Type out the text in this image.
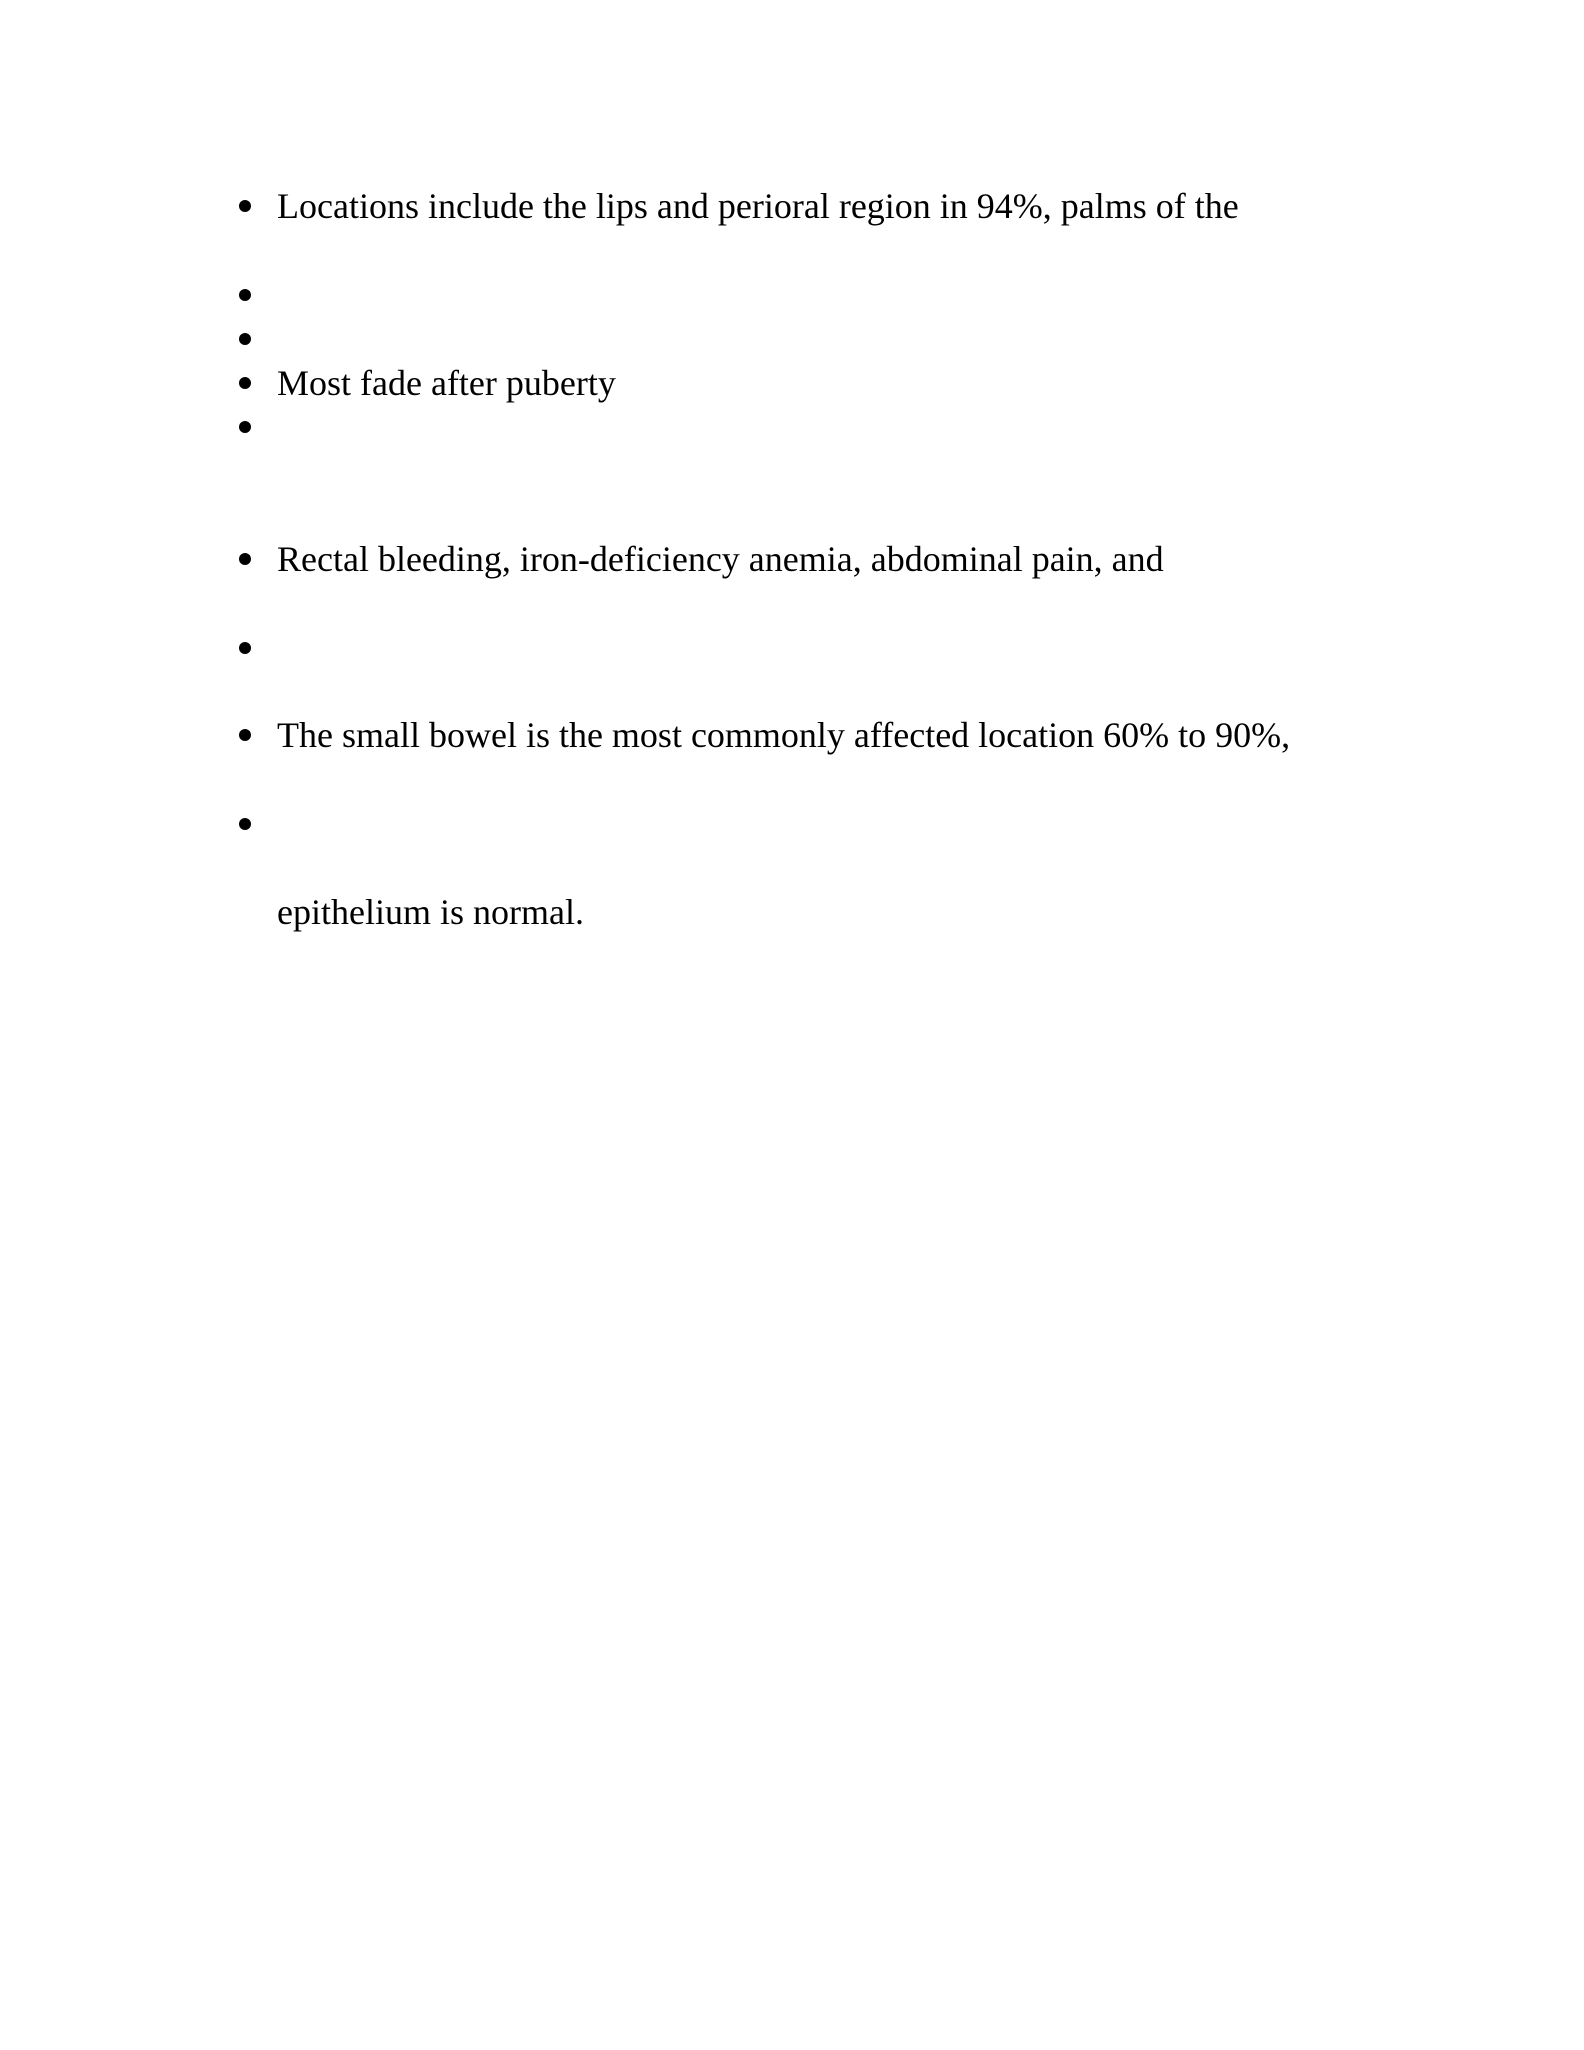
Locations include the lips and perioral region in 94%, palms of the
Most fade after puberty
Rectal bleeding, iron-deficiency anemia, abdominal pain, and
The small bowel is the most commonly affected location 60% to 90%,

epithelium is normal.
